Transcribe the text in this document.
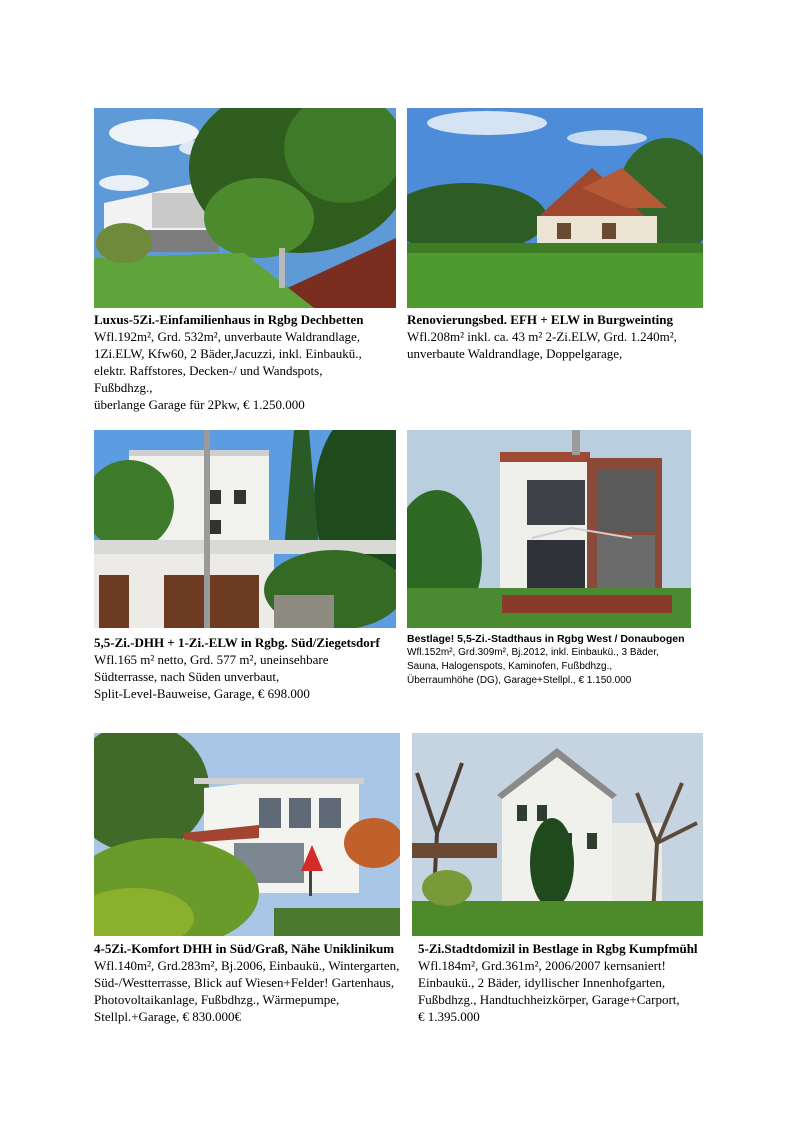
Luxus-5Zi.-Einfamilienhaus in Rgbg Dechbetten
Wfl.192m², Grd. 532m², unverbaute Waldrandlage,
1Zi.ELW, Kfw60, 2 Bäder,Jacuzzi, inkl. Einbaukü.,
elektr. Raffstores, Decken-/ und Wandspots,
Fußbdhzg.,
überlange Garage für 2Pkw, € 1.250.000
Renovierungsbed. EFH + ELW in Burgweinting
Wfl.208m² inkl. ca. 43 m² 2-Zi.ELW, Grd. 1.240m²,
unverbaute Waldrandlage, Doppelgarage,
5,5-Zi.-DHH + 1-Zi.-ELW in Rgbg. Süd/Ziegetsdorf
Wfl.165 m² netto, Grd. 577 m², uneinsehbare
Südterrasse, nach Süden unverbaut,
Split-Level-Bauweise, Garage, € 698.000
Bestlage! 5,5-Zi.-Stadthaus in Rgbg West / Donaubogen
Wfl.152m², Grd.309m², Bj.2012, inkl. Einbaukü., 3 Bäder,
Sauna, Halogenspots, Kaminofen, Fußbdhzg.,
Überraumhöhe (DG), Garage+Stellpl., € 1.150.000
4-5Zi.-Komfort DHH in Süd/Graß, Nähe Uniklinikum
Wfl.140m², Grd.283m², Bj.2006, Einbaukü., Wintergarten,
Süd-/Westterrasse, Blick auf Wiesen+Felder! Gartenhaus,
Photovoltaikanlage, Fußbdhzg., Wärmepumpe,
Stellpl.+Garage, € 830.000€
5-Zi.Stadtdomizil in Bestlage in Rgbg Kumpfmühl
Wfl.184m², Grd.361m², 2006/2007 kernsaniert!
Einbaukü., 2 Bäder, idyllischer Innenhofgarten,
Fußbdhzg., Handtuchheizkörper, Garage+Carport,
€ 1.395.000
